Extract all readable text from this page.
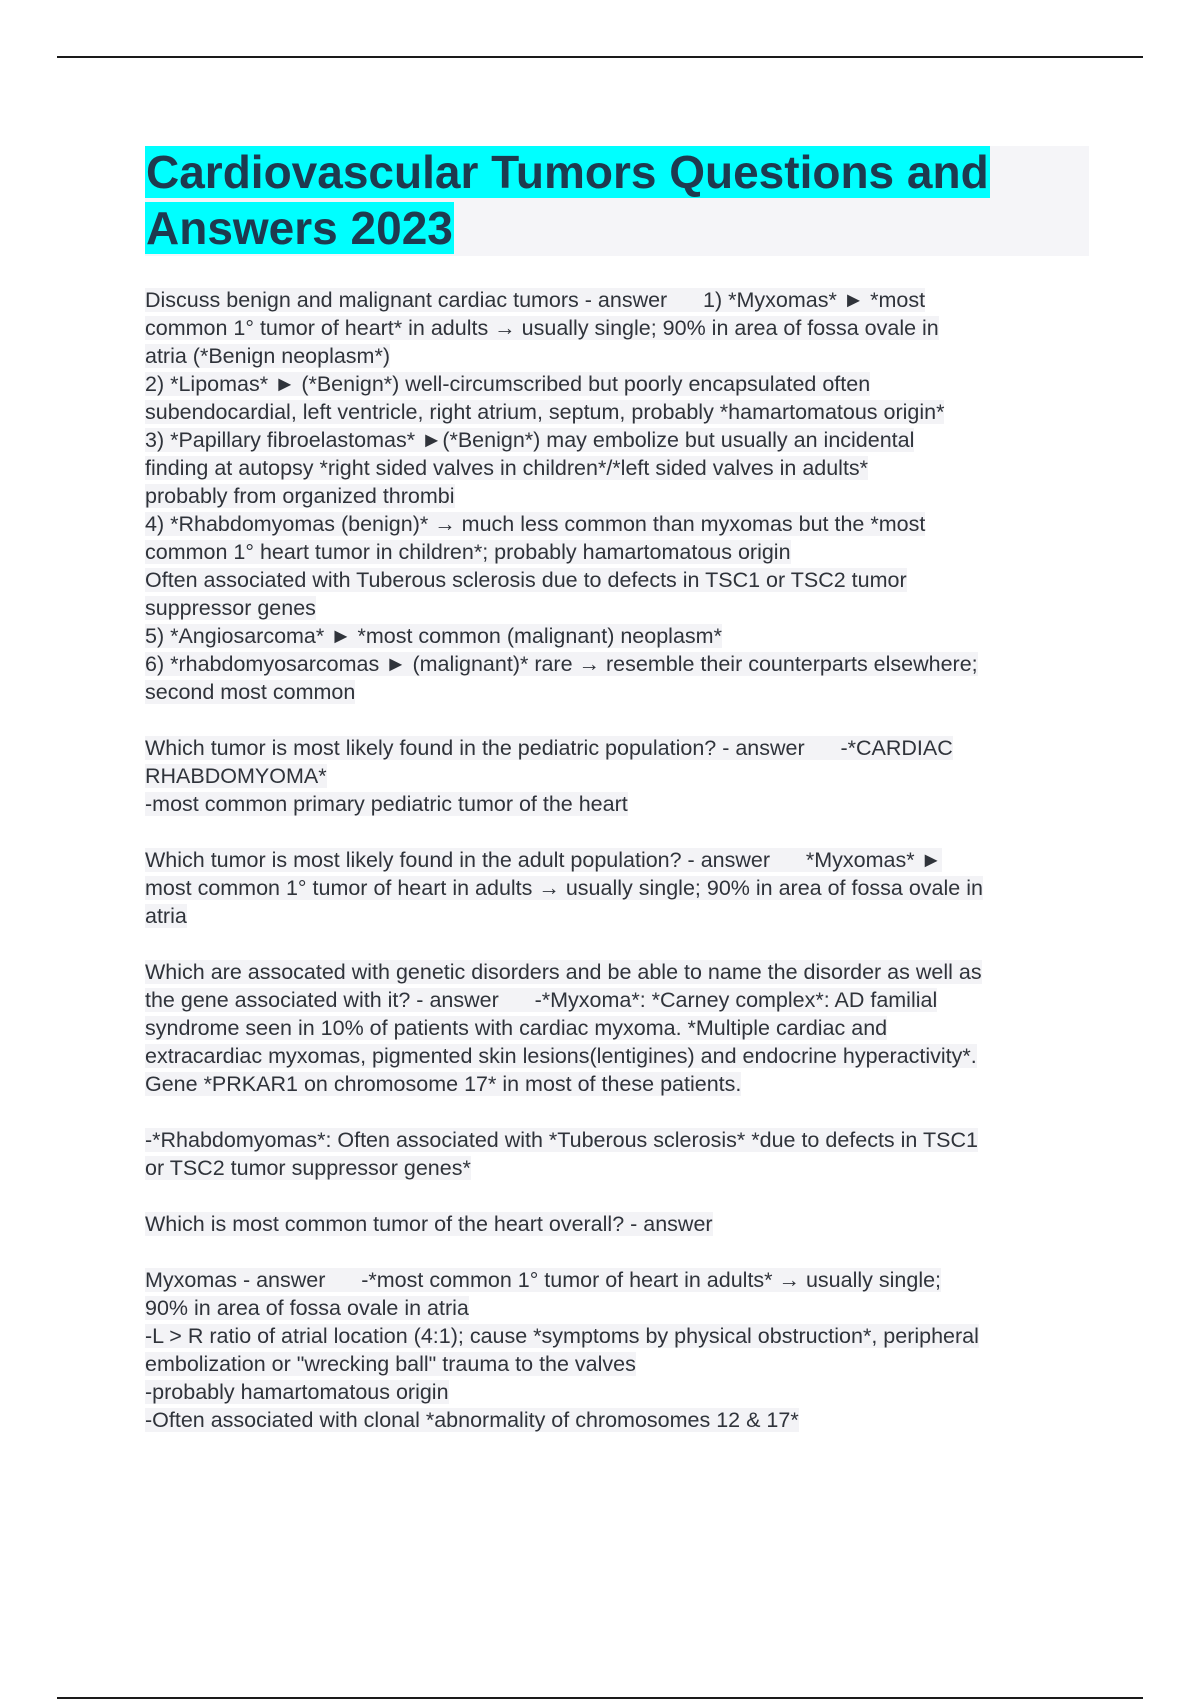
Cardiovascular Tumors Questions and
Answers 2023
Discuss benign and malignant cardiac tumors - answer      1) *Myxomas* ► *most
common 1° tumor of heart* in adults → usually single; 90% in area of fossa ovale in
atria (*Benign neoplasm*)
2) *Lipomas* ► (*Benign*) well-circumscribed but poorly encapsulated often
subendocardial, left ventricle, right atrium, septum, probably *hamartomatous origin*
3) *Papillary fibroelastomas* ►(*Benign*) may embolize but usually an incidental
finding at autopsy *right sided valves in children*/*left sided valves in adults*
probably from organized thrombi
4) *Rhabdomyomas (benign)* → much less common than myxomas but the *most
common 1° heart tumor in children*; probably hamartomatous origin
Often associated with Tuberous sclerosis due to defects in TSC1 or TSC2 tumor
suppressor genes
5) *Angiosarcoma* ► *most common (malignant) neoplasm*
6) *rhabdomyosarcomas ► (malignant)* rare → resemble their counterparts elsewhere;
second most common
Which tumor is most likely found in the pediatric population? - answer      -*CARDIAC
RHABDOMYOMA*
-most common primary pediatric tumor of the heart
Which tumor is most likely found in the adult population? - answer      *Myxomas* ►
most common 1° tumor of heart in adults → usually single; 90% in area of fossa ovale in
atria
Which are assocated with genetic disorders and be able to name the disorder as well as
the gene associated with it? - answer      -*Myxoma*: *Carney complex*: AD familial
syndrome seen in 10% of patients with cardiac myxoma. *Multiple cardiac and
extracardiac myxomas, pigmented skin lesions(lentigines) and endocrine hyperactivity*.
Gene *PRKAR1 on chromosome 17* in most of these patients.
-*Rhabdomyomas*: Often associated with *Tuberous sclerosis* *due to defects in TSC1
or TSC2 tumor suppressor genes*
Which is most common tumor of the heart overall? - answer
Myxomas - answer      -*most common 1° tumor of heart in adults* → usually single;
90% in area of fossa ovale in atria
-L > R ratio of atrial location (4:1); cause *symptoms by physical obstruction*, peripheral
embolization or "wrecking ball" trauma to the valves
-probably hamartomatous origin
-Often associated with clonal *abnormality of chromosomes 12 & 17*
